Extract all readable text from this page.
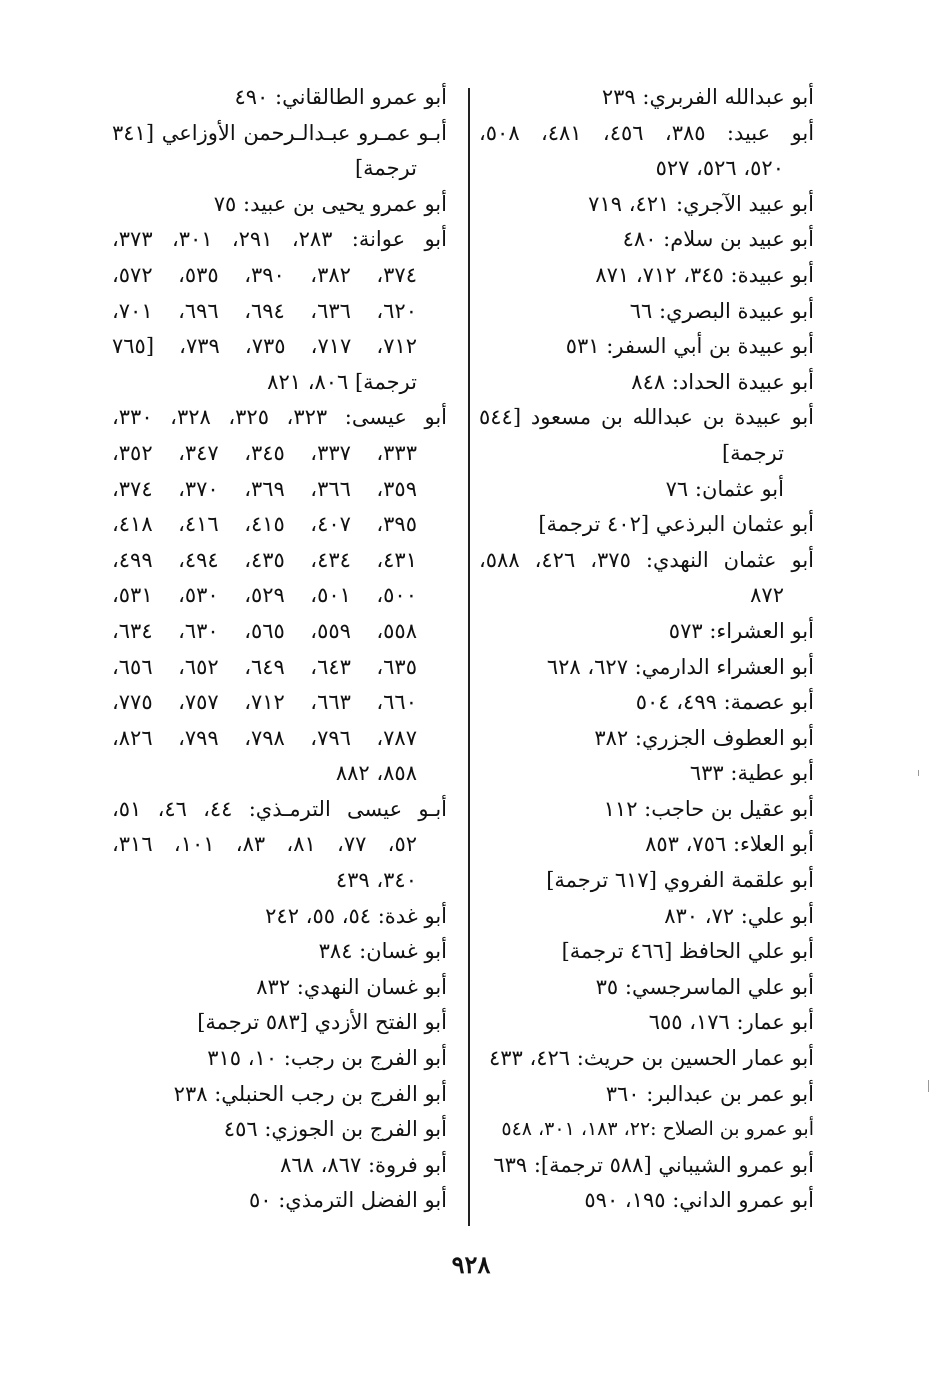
أبو عبدالله الفربري: ٢٣٩
أبو عبيد: ٣٨٥، ٤٥٦، ٤٨١، ٥٠٨،
٥٢٠، ٥٢٦، ٥٢٧
أبو عبيد الآجري: ٤٢١، ٧١٩
أبو عبيد بن سلام: ٤٨٠
أبو عبيدة: ٣٤٥، ٧١٢، ٨٧١
أبو عبيدة البصري: ٦٦
أبو عبيدة بن أبي السفر: ٥٣١
أبو عبيدة الحداد: ٨٤٨
أبو عبيدة بن عبدالله بن مسعود [٥٤٤
ترجمة]
أبو عثمان: ٧٦
أبو عثمان البرذعي [٤٠٢ ترجمة]
أبو عثمان النهدي: ٣٧٥، ٤٢٦، ٥٨٨،
٨٧٢
أبو العشراء: ٥٧٣
أبو العشراء الدارمي: ٦٢٧، ٦٢٨
أبو عصمة: ٤٩٩، ٥٠٤
أبو العطوف الجزري: ٣٨٢
أبو عطية: ٦٣٣
أبو عقيل بن حاجب: ١١٢
أبو العلاء: ٧٥٦، ٨٥٣
أبو علقمة الفروي [٦١٧ ترجمة]
أبو علي: ٧٢، ٨٣٠
أبو علي الحافظ [٤٦٦ ترجمة]
أبو علي الماسرجسي: ٣٥
أبو عمار: ١٧٦، ٦٥٥
أبو عمار الحسين بن حريث: ٤٢٦، ٤٣٣
أبو عمر بن عبدالبر: ٣٦٠
أبو عمرو بن الصلاح :٢٢، ١٨٣، ٣٠١، ٥٤٨
أبو عمرو الشيباني [٥٨٨ ترجمة]: ٦٣٩
أبو عمرو الداني: ١٩٥، ٥٩٠
أبو عمرو الطالقاني: ٤٩٠
أبـو عمـرو عبـدالـرحمن الأوزاعي [٣٤١
ترجمة]
أبو عمرو يحيى بن عبيد: ٧٥
أبو عوانة: ٢٨٣، ٢٩١، ٣٠١، ٣٧٣،
٣٧٤، ٣٨٢، ٣٩٠، ٥٣٥، ٥٧٢،
٦٢٠، ٦٣٦، ٦٩٤، ٦٩٦، ٧٠١،
٧١٢، ٧١٧، ٧٣٥، ٧٣٩، [٧٦٥
ترجمة] ٨٠٦، ٨٢١
أبو عيسى: ٣٢٣، ٣٢٥، ٣٢٨، ٣٣٠،
٣٣٣، ٣٣٧، ٣٤٥، ٣٤٧، ٣٥٢،
٣٥٩، ٣٦٦، ٣٦٩، ٣٧٠، ٣٧٤،
٣٩٥، ٤٠٧، ٤١٥، ٤١٦، ٤١٨،
٤٣١، ٤٣٤، ٤٣٥، ٤٩٤، ٤٩٩،
٥٠٠، ٥٠١، ٥٢٩، ٥٣٠، ٥٣١،
٥٥٨، ٥٥٩، ٥٦٥، ٦٣٠، ٦٣٤،
٦٣٥، ٦٤٣، ٦٤٩، ٦٥٢، ٦٥٦،
٦٦٠، ٦٦٣، ٧١٢، ٧٥٧، ٧٧٥،
٧٨٧، ٧٩٦، ٧٩٨، ٧٩٩، ٨٢٦،
٨٥٨، ٨٨٢
أبـو عيسى الترمـذي: ٤٤، ٤٦، ٥١،
٥٢، ٧٧، ٨١، ٨٣، ١٠١، ٣١٦،
٣٤٠، ٤٣٩
أبو غدة: ٥٤، ٥٥، ٢٤٢
أبو غسان: ٣٨٤
أبو غسان النهدي: ٨٣٢
أبو الفتح الأزدي [٥٨٣ ترجمة]
أبو الفرج بن رجب: ١٠، ٣١٥
أبو الفرج بن رجب الحنبلي: ٢٣٨
أبو الفرج بن الجوزي: ٤٥٦
أبو فروة: ٨٦٧، ٨٦٨
أبو الفضل الترمذي: ٥٠
٩٢٨
